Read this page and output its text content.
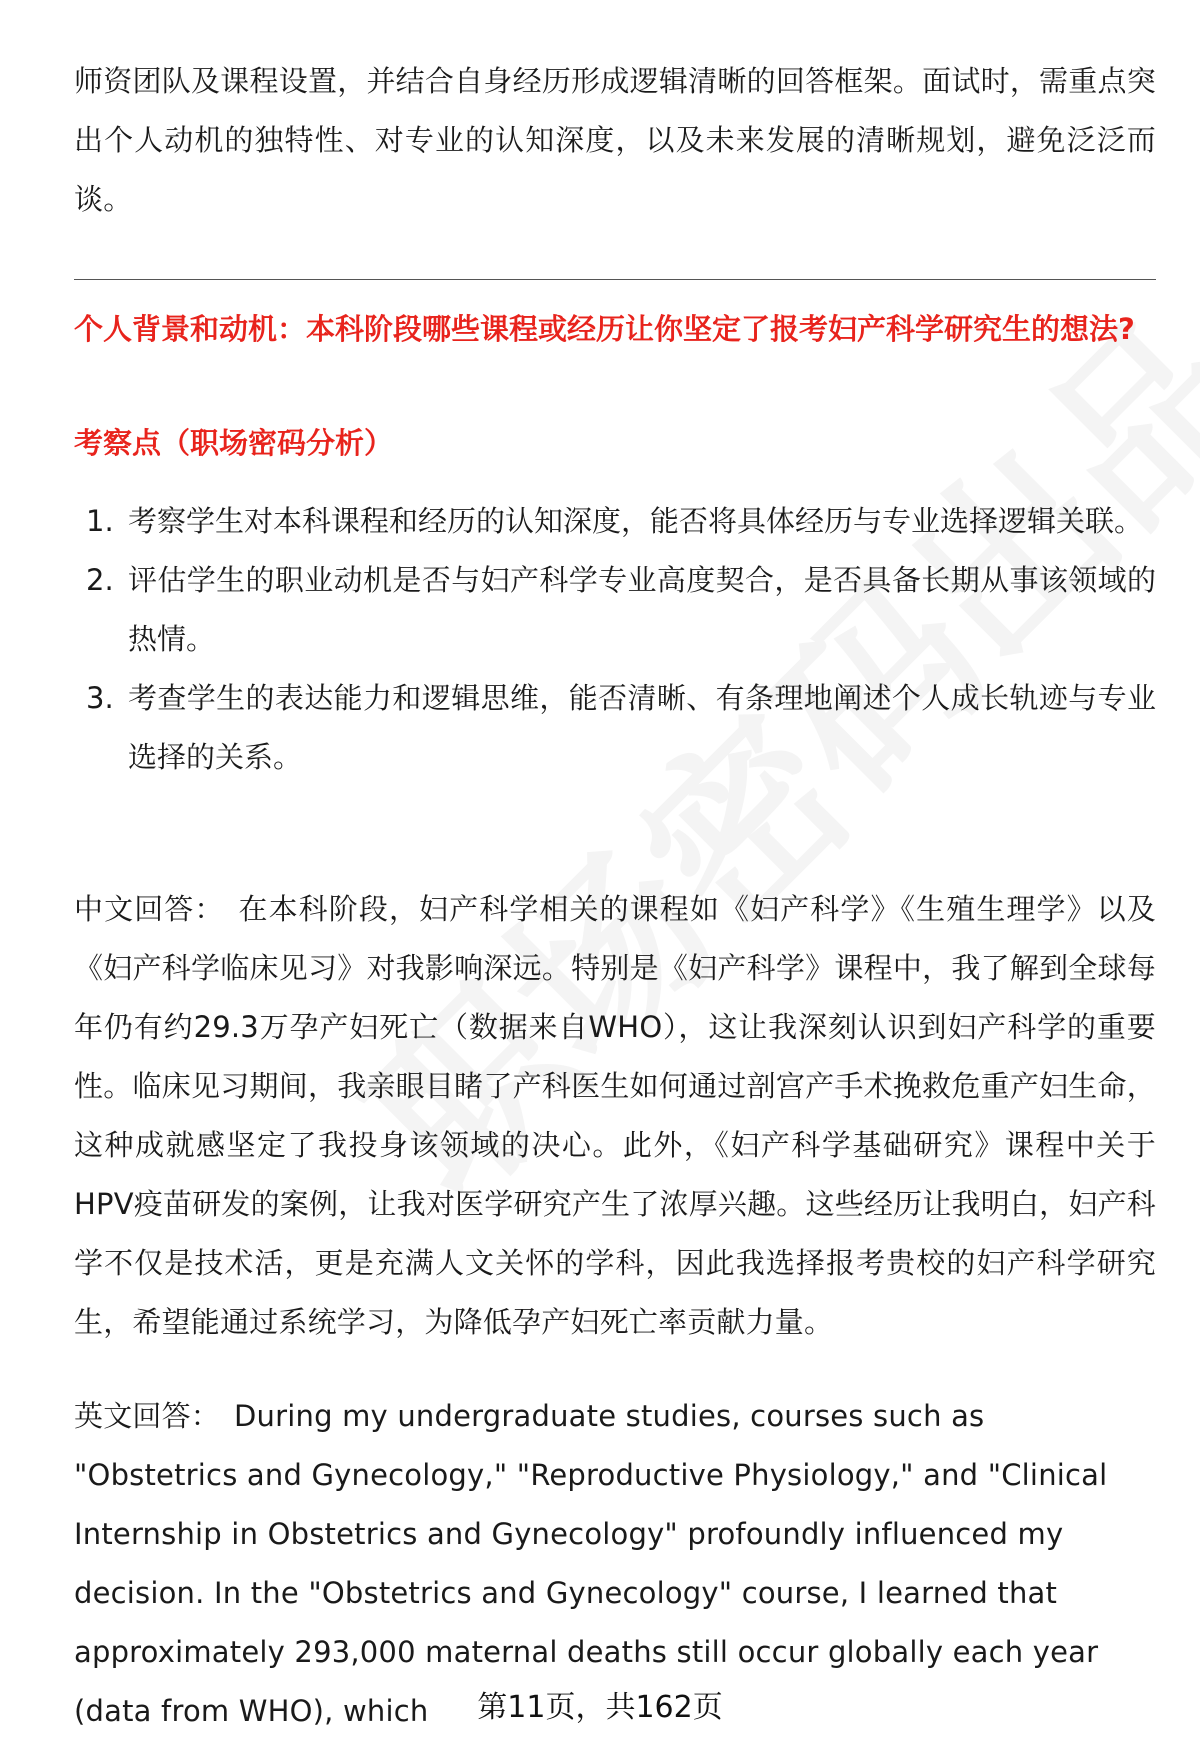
师资团队及课程设置，并结合自身经历形成逻辑清晰的回答框架。面试时，需重点突出个人动机的独特性、对专业的认知深度，以及未来发展的清晰规划，避免泛泛而谈。

个人背景和动机：本科阶段哪些课程或经历让你坚定了报考妇产科学研究生的想法?
考察点（职场密码分析）
1. 考察学生对本科课程和经历的认知深度，能否将具体经历与专业选择逻辑关联。
2. 评估学生的职业动机是否与妇产科学专业高度契合，是否具备长期从事该领域的热情。
3. 考查学生的表达能力和逻辑思维，能否清晰、有条理地阐述个人成长轨迹与专业选择的关系。

中文回答： 在本科阶段，妇产科学相关的课程如《妇产科学》《生殖生理学》以及《妇产科学临床见习》对我影响深远。特别是《妇产科学》课程中，我了解到全球每年仍有约29.3万孕产妇死亡（数据来自WHO），这让我深刻认识到妇产科学的重要性。临床见习期间，我亲眼目睹了产科医生如何通过剖宫产手术挽救危重产妇生命，这种成就感坚定了我投身该领域的决心。此外，《妇产科学基础研究》课程中关于HPV疫苗研发的案例，让我对医学研究产生了浓厚兴趣。这些经历让我明白，妇产科学不仅是技术活，更是充满人文关怀的学科，因此我选择报考贵校的妇产科学研究生，希望能通过系统学习，为降低孕产妇死亡率贡献力量。

英文回答： During my undergraduate studies, courses such as "Obstetrics and Gynecology," "Reproductive Physiology," and "Clinical Internship in Obstetrics and Gynecology" profoundly influenced my decision. In the "Obstetrics and Gynecology" course, I learned that approximately 293,000 maternal deaths still occur globally each year (data from WHO), which	第11页，共162页
